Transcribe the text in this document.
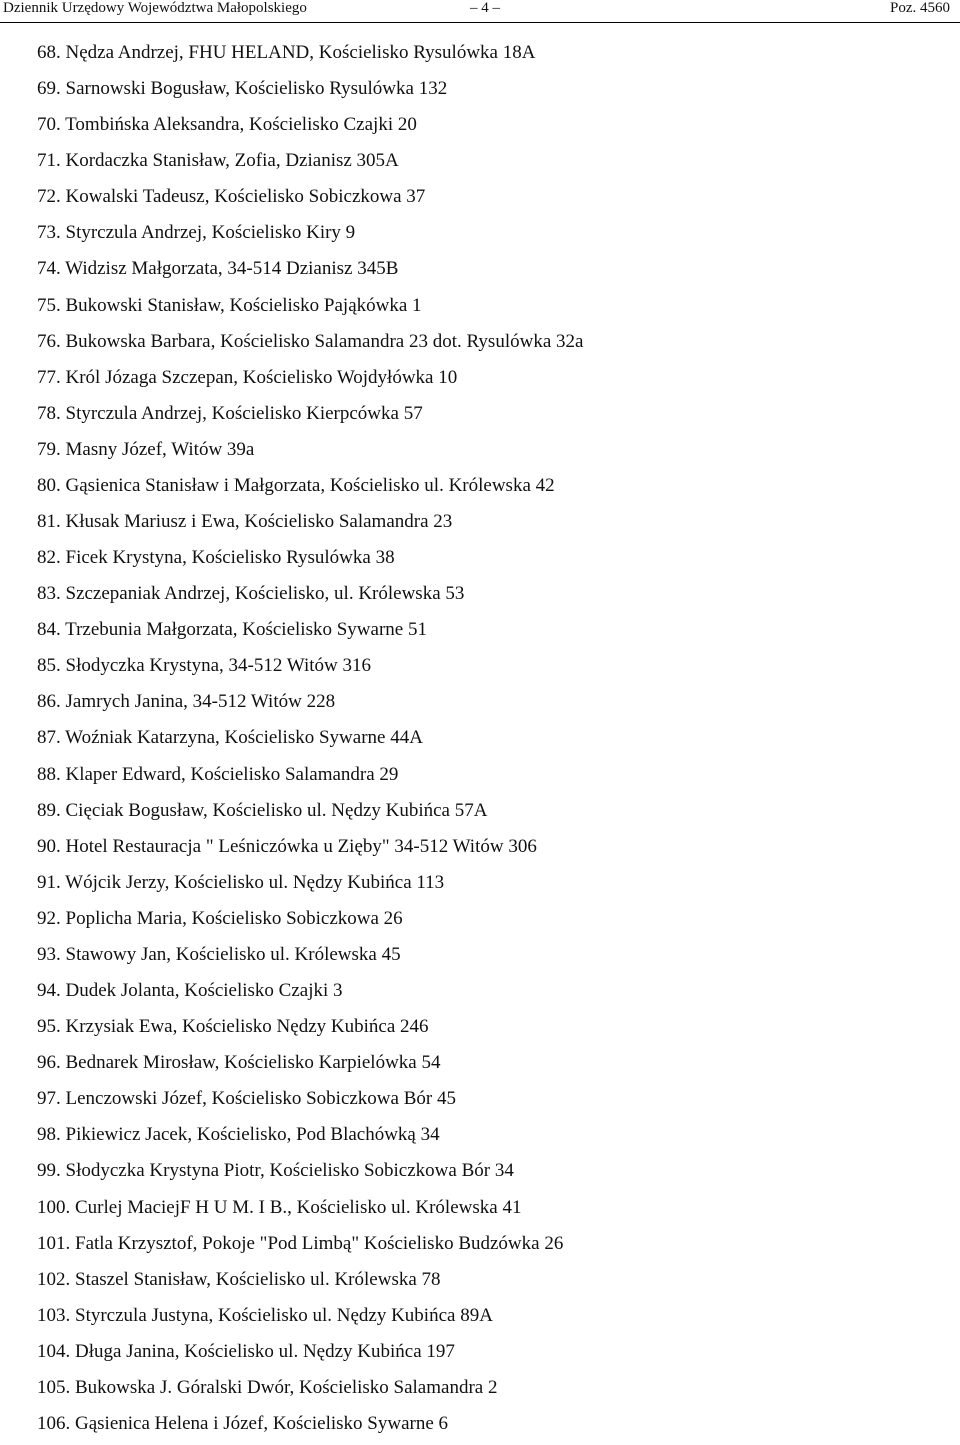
Dziennik Urzędowy Województwa Małopolskiego	– 4 –	Poz. 4560
68. Nędza Andrzej, FHU HELAND, Kościelisko Rysulówka 18A
69. Sarnowski Bogusław, Kościelisko Rysulówka 132
70. Tombińska Aleksandra, Kościelisko Czajki 20
71. Kordaczka Stanisław, Zofia, Dzianisz 305A
72. Kowalski Tadeusz, Kościelisko Sobiczkowa 37
73. Styrczula Andrzej, Kościelisko Kiry 9
74. Widzisz Małgorzata, 34-514 Dzianisz 345B
75. Bukowski Stanisław, Kościelisko Pająkówka 1
76. Bukowska Barbara, Kościelisko Salamandra 23 dot. Rysulówka 32a
77. Król Józaga Szczepan, Kościelisko Wojdyłówka 10
78. Styrczula Andrzej, Kościelisko Kierpcówka 57
79. Masny Józef, Witów 39a
80. Gąsienica Stanisław i Małgorzata, Kościelisko ul. Królewska 42
81. Kłusak Mariusz i Ewa, Kościelisko Salamandra 23
82. Ficek Krystyna, Kościelisko Rysulówka 38
83. Szczepaniak Andrzej, Kościelisko, ul. Królewska 53
84. Trzebunia Małgorzata, Kościelisko Sywarne 51
85. Słodyczka Krystyna, 34-512 Witów 316
86. Jamrych Janina, 34-512 Witów 228
87. Woźniak Katarzyna, Kościelisko Sywarne 44A
88. Klaper Edward, Kościelisko Salamandra 29
89. Cięciak Bogusław, Kościelisko ul. Nędzy Kubińca 57A
90. Hotel Restauracja " Leśniczówka u Zięby" 34-512 Witów 306
91. Wójcik Jerzy, Kościelisko ul. Nędzy Kubińca 113
92. Poplicha Maria, Kościelisko Sobiczkowa 26
93. Stawowy Jan, Kościelisko ul. Królewska 45
94. Dudek Jolanta, Kościelisko Czajki 3
95. Krzysiak Ewa, Kościelisko Nędzy Kubińca 246
96. Bednarek Mirosław, Kościelisko Karpielówka 54
97. Lenczowski Józef, Kościelisko Sobiczkowa Bór 45
98. Pikiewicz Jacek, Kościelisko, Pod Blachówką 34
99. Słodyczka Krystyna Piotr, Kościelisko Sobiczkowa Bór 34
100. Curlej MaciejF H U M. I B., Kościelisko ul. Królewska 41
101. Fatla Krzysztof, Pokoje "Pod Limbą" Kościelisko Budzówka 26
102. Staszel Stanisław, Kościelisko ul. Królewska 78
103. Styrczula Justyna, Kościelisko ul. Nędzy Kubińca 89A
104. Długa Janina, Kościelisko ul. Nędzy Kubińca 197
105. Bukowska J. Góralski Dwór, Kościelisko Salamandra 2
106. Gąsienica Helena i Józef, Kościelisko Sywarne 6
